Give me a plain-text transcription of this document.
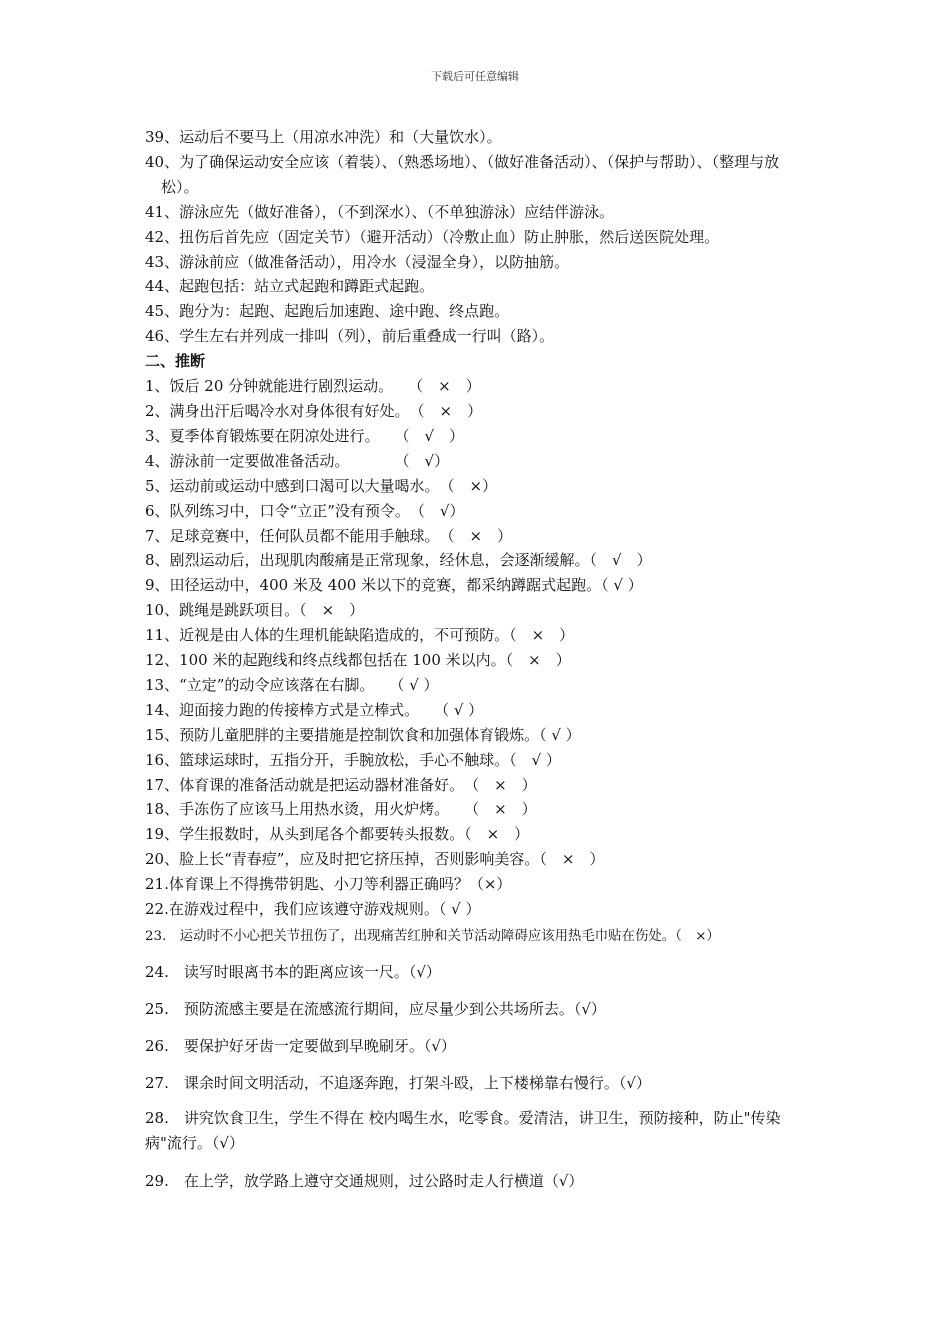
下载后可任意编辑
39、运动后不要马上（用凉水冲洗）和（大量饮水）。
40、为了确保运动安全应该（着装）、（熟悉场地）、（做好准备活动）、（保护与帮助）、（整理与放松）。
41、游泳应先（做好准备），（不到深水）、（不单独游泳）应结伴游泳。
42、扭伤后首先应（固定关节）（避开活动）（冷敷止血）防止肿胀，然后送医院处理。
43、游泳前应（做准备活动），用冷水（浸湿全身），以防抽筋。
44、起跑包括：站立式起跑和蹲距式起跑。
45、跑分为：起跑、起跑后加速跑、途中跑、终点跑。
46、学生左右并列成一排叫（列），前后重叠成一行叫（路）。
二、推断
1、饭后 20 分钟就能进行剧烈运动。　　（　×　）
2、满身出汗后喝冷水对身体很有好处。　（　×　）
3、夏季体育锻炼要在阴凉处进行。　　（　√　）
4、游泳前一定要做准备活动。　　　　（　√）
5、运动前或运动中感到口渴可以大量喝水。　（　×）
6、队列练习中，口令“立正”没有预令。　（　√）
7、足球竞赛中，任何队员都不能用手触球。　（　×　）
8、剧烈运动后，出现肌肉酸痛是正常现象，经休息，会逐渐缓解。（　√　）
9、田径运动中，400 米及 400 米以下的竞赛，都采纳蹲踞式起跑。（ √ ）
10、跳绳是跳跃项目。（　×　）
11、近视是由人体的生理机能缺陷造成的，不可预防。（　×　）
12、100 米的起跑线和终点线都包括在 100 米以内。（　×　）
13、“立定”的动令应该落在右脚。　　（ √ ）
14、迎面接力跑的传接棒方式是立棒式。　　（ √ ）
15、预防儿童肥胖的主要措施是控制饮食和加强体育锻炼。（ √ ）
16、篮球运球时，五指分开，手腕放松，手心不触球。（　√ ）
17、体育课的准备活动就是把运动器材准备好。　（　×　）
18、手冻伤了应该马上用热水烫，用火炉烤。　　（　×　）
19、学生报数时，从头到尾各个都要转头报数。（　×　）
20、脸上长“青春痘”，应及时把它挤压掉，否则影响美容。（　×　）
21.体育课上不得携带钥匙、小刀等利器正确吗？（×）
22.在游戏过程中，我们应该遵守游戏规则。（ √ ）
23.　运动时不小心把关节扭伤了，出现痛苦红肿和关节活动障碍应该用热毛巾贴在伤处。（　×）
24.　读写时眼离书本的距离应该一尺。（√）
25.　预防流感主要是在流感流行期间，应尽量少到公共场所去。（√）
26.　要保护好牙齿一定要做到早晚刷牙。（√）
27.　课余时间文明活动，不追逐奔跑，打架斗殴，上下楼梯靠右慢行。（√）
28.　讲究饮食卫生，学生不得在 校内喝生水，吃零食。爱清洁，讲卫生，预防接种，防止"传染病"流行。（√）
29.　在上学，放学路上遵守交通规则，过公路时走人行横道（√）
